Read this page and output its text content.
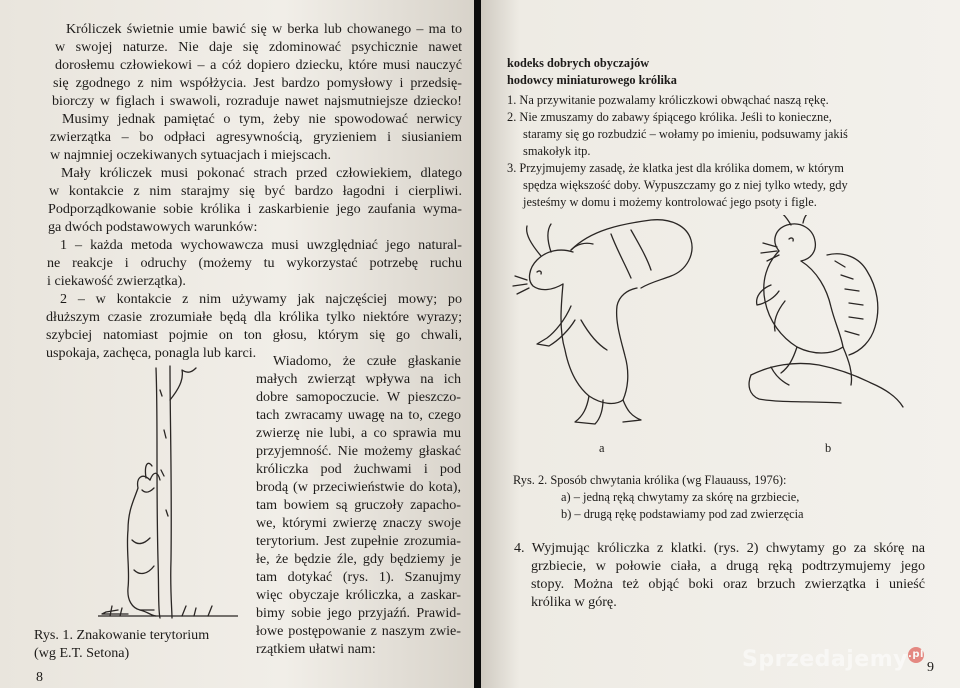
Króliczek świetnie umie bawić się w berka lub chowanego – ma to
w swojej naturze. Nie daje się zdominować psychicznie nawet
dorosłemu człowiekowi – a cóż dopiero dziecku, które musi nauczyć
się zgodnego z nim współżycia. Jest bardzo pomysłowy i przedsię-
biorczy w figlach i swawoli, rozraduje nawet najsmutniejsze dziecko!
Musimy jednak pamiętać o tym, żeby nie spowodować nerwicy
zwierzątka – bo odpłaci agresywnością, gryzieniem i siusianiem
w najmniej oczekiwanych sytuacjach i miejscach.
Mały króliczek musi pokonać strach przed człowiekiem, dlatego
w kontakcie z nim starajmy się być bardzo łagodni i cierpliwi.
Podporządkowanie sobie królika i zaskarbienie jego zaufania wyma-
ga dwóch podstawowych warunków:
1 – każda metoda wychowawcza musi uwzględniać jego natural-
ne reakcje i odruchy (możemy tu wykorzystać potrzebę ruchu
i ciekawość zwierzątka).
2 – w kontakcie z nim używamy jak najczęściej mowy; po
dłuższym czasie zrozumiałe będą dla królika tylko niektóre wyrazy;
szybciej natomiast pojmie on ton głosu, którym się go chwali,
uspokaja, zachęca, ponagla lub karci. Wiadomo, że czułe głaskanie
małych zwierząt wpływa na ich
dobre samopoczucie. W pieszczo-
tach zwracamy uwagę na to, czego
zwierzę nie lubi, a co sprawia mu
przyjemność. Nie możemy głaskać
króliczka pod żuchwami i pod
brodą (w przeciwieństwie do kota),
tam bowiem są gruczoły zapacho-
we, którymi zwierzę znaczy swoje
terytorium. Jest zupełnie zrozumia-
łe, że będzie źle, gdy będziemy je
tam dotykać (rys. 1). Szanujmy
więc obyczaje króliczka, a zaskar-
bimy sobie jego przyjaźń. Prawid-
łowe postępowanie z naszym zwie-
rzątkiem ułatwi nam:
Rys. 1. Znakowanie terytorium
(wg E.T. Setona)
8
kodeks dobrych obyczajów
hodowcy miniaturowego królika
1. Na przywitanie pozwalamy króliczkowi obwąchać naszą rękę.
2. Nie zmuszamy do zabawy śpiącego królika. Jeśli to konieczne,
staramy się go rozbudzić – wołamy po imieniu, podsuwamy jakiś
smakołyk itp.
3. Przyjmujemy zasadę, że klatka jest dla królika domem, w którym
spędza większość doby. Wypuszczamy go z niej tylko wtedy, gdy
jesteśmy w domu i możemy kontrolować jego psoty i figle.
a	b
Rys. 2. Sposób chwytania królika (wg Flauauss, 1976):
a) – jedną ręką chwytamy za skórę na grzbiecie,
b) – drugą rękę podstawiamy pod zad zwierzęcia
4. Wyjmując króliczka z klatki. (rys. 2) chwytamy go za skórę na
grzbiecie, w połowie ciała, a drugą ręką podtrzymujemy jego
stopy. Można też objąć boki oraz brzuch zwierzątka i unieść
królika w górę.
9
Sprzedajemy.pl
